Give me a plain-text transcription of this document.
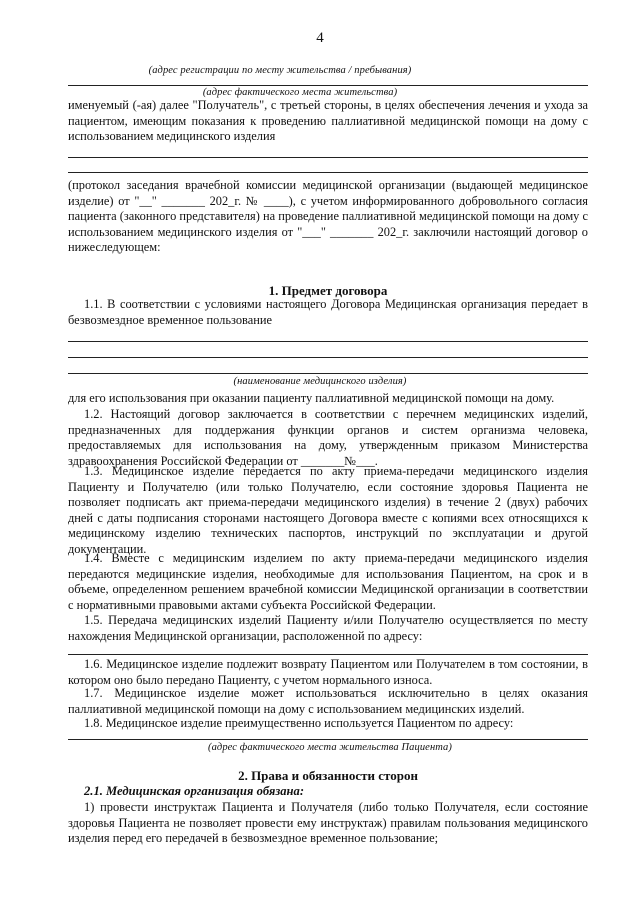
4
(адрес регистрации по месту жительства / пребывания)
(адрес фактического места жительства)
именуемый (-ая) далее "Получатель", с третьей стороны, в целях обеспечения лечения и ухода за пациентом, имеющим показания к проведению паллиативной медицинской помощи на дому с использованием медицинского изделия
(протокол заседания врачебной комиссии медицинской организации (выдающей медицинское изделие) от "__" _______ 202_г. № ____), с учетом информированного добровольного согласия пациента (законного представителя) на проведение паллиативной медицинской помощи на дому с использованием медицинского изделия от "___" _______ 202_г. заключили настоящий договор о нижеследующем:
1. Предмет договора
1.1. В соответствии с условиями настоящего Договора Медицинская организация передает в безвозмездное временное пользование
(наименование медицинского изделия)
для его использования при оказании пациенту паллиативной медицинской помощи на дому.
1.2. Настоящий договор заключается в соответствии с перечнем медицинских изделий, предназначенных для поддержания функции органов и систем организма человека, предоставляемых для использования на дому, утвержденным приказом Министерства здравоохранения Российской Федерации от _______№___.
1.3. Медицинское изделие передается по акту приема-передачи медицинского изделия Пациенту и Получателю (или только Получателю, если состояние здоровья Пациента не позволяет подписать акт приема-передачи медицинского изделия) в течение 2 (двух) рабочих дней с даты подписания сторонами настоящего Договора вместе с копиями всех относящихся к медицинскому изделию технических паспортов, инструкций по эксплуатации и другой документации.
1.4. Вместе с медицинским изделием по акту приема-передачи медицинского изделия передаются медицинские изделия, необходимые для использования Пациентом, на срок и в объеме, определенном решением врачебной комиссии Медицинской организации в соответствии с нормативными правовыми актами субъекта Российской Федерации.
1.5. Передача медицинских изделий Пациенту и/или Получателю осуществляется по месту нахождения Медицинской организации, расположенной по адресу:
1.6. Медицинское изделие подлежит возврату Пациентом или Получателем в том состоянии, в котором оно было передано Пациенту, с учетом нормального износа.
1.7. Медицинское изделие может использоваться исключительно в целях оказания паллиативной медицинской помощи на дому с использованием медицинских изделий.
1.8. Медицинское изделие преимущественно используется Пациентом по адресу:
(адрес фактического места жительства Пациента)
2. Права и обязанности сторон
2.1. Медицинская организация обязана:
1) провести инструктаж Пациента и Получателя (либо только Получателя, если состояние здоровья Пациента не позволяет провести ему инструктаж) правилам пользования медицинского изделия перед его передачей в безвозмездное временное пользование;
